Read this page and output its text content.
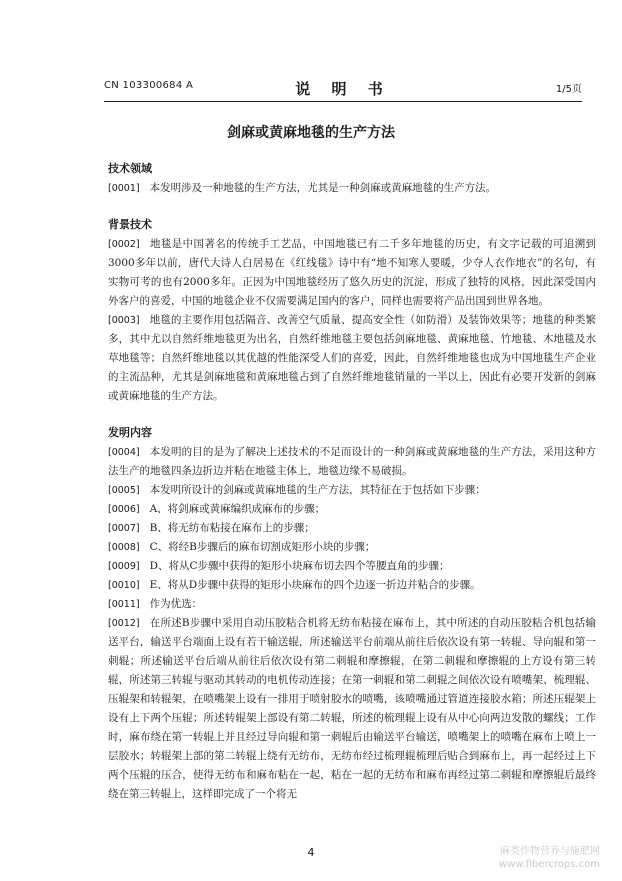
CN 103300684 A	说 明 书	1/5页
剑麻或黄麻地毯的生产方法
技术领域

[0001] 本发明涉及一种地毯的生产方法，尤其是一种剑麻或黄麻地毯的生产方法。

背景技术

[0002] 地毯是中国著名的传统手工艺品，中国地毯已有二千多年地毯的历史，有文字记载的可追溯到3000多年以前，唐代大诗人白居易在《红线毯》诗中有“地不知寒人要暖，少夺人衣作地衣”的名句，有实物可考的也有2000多年。正因为中国地毯经历了悠久历史的沉淀，形成了独特的风格，因此深受国内外客户的喜爱，中国的地毯企业不仅需要满足国内的客户，同样也需要将产品出国到世界各地。

[0003] 地毯的主要作用包括隔音、改善空气质量、提高安全性（如防滑）及装饰效果等；地毯的种类繁多，其中尤以自然纤维地毯更为出名，自然纤维地毯主要包括剑麻地毯、黄麻地毯、竹地毯、木地毯及水草地毯等；自然纤维地毯以其优越的性能深受人们的喜爱，因此，自然纤维地毯也成为中国地毯生产企业的主流品种，尤其是剑麻地毯和黄麻地毯占到了自然纤维地毯销量的一半以上，因此有必要开发新的剑麻或黄麻地毯的生产方法。

发明内容

[0004] 本发明的目的是为了解决上述技术的不足而设计的一种剑麻或黄麻地毯的生产方法，采用这种方法生产的地毯四条边折边并粘在地毯主体上，地毯边缘不易破损。

[0005] 本发明所设计的剑麻或黄麻地毯的生产方法，其特征在于包括如下步骤：

[0006] A、将剑麻或黄麻编织成麻布的步骤；

[0007] B、将无纺布粘接在麻布上的步骤；

[0008] C、将经B步骤后的麻布切割成矩形小块的步骤；

[0009] D、将从C步骤中获得的矩形小块麻布切去四个等腰直角的步骤；

[0010] E、将从D步骤中获得的矩形小块麻布的四个边逐一折边并粘合的步骤。

[0011] 作为优选：

[0012] 在所述B步骤中采用自动压胶粘合机将无纺布粘接在麻布上，其中所述的自动压胶粘合机包括输送平台，输送平台端面上设有若干输送辊，所述输送平台前端从前往后依次设有第一转辊、导向辊和第一刺辊；所述输送平台后端从前往后依次设有第二刺辊和摩擦辊，在第二刺辊和摩擦辊的上方设有第三转辊，所述第三转辊与驱动其转动的电机传动连接；在第一刺辊和第二刺辊之间依次设有喷嘴架、梳理辊、压辊架和转辊架，在喷嘴架上设有一排用于喷射胶水的喷嘴，该喷嘴通过管道连接胶水箱；所述压辊架上设有上下两个压辊；所述转辊架上部设有第二转辊，所述的梳理辊上设有从中心向两边发散的螺线；工作时，麻布绕在第一转辊上并且经过导向辊和第一刺辊后由输送平台输送，喷嘴架上的喷嘴在麻布上喷上一层胶水；转辊架上部的第二转辊上绕有无纺布，无纺布经过梳理辊梳理后贴合到麻布上，再一起经过上下两个压辊的压合，使得无纺布和麻布粘在一起，粘在一起的无纺布和麻布再经过第二刺辊和摩擦辊后最终绕在第三转辊上，这样即完成了一个将无

4	麻类作物营养与施肥网
www.fibercrops.com
